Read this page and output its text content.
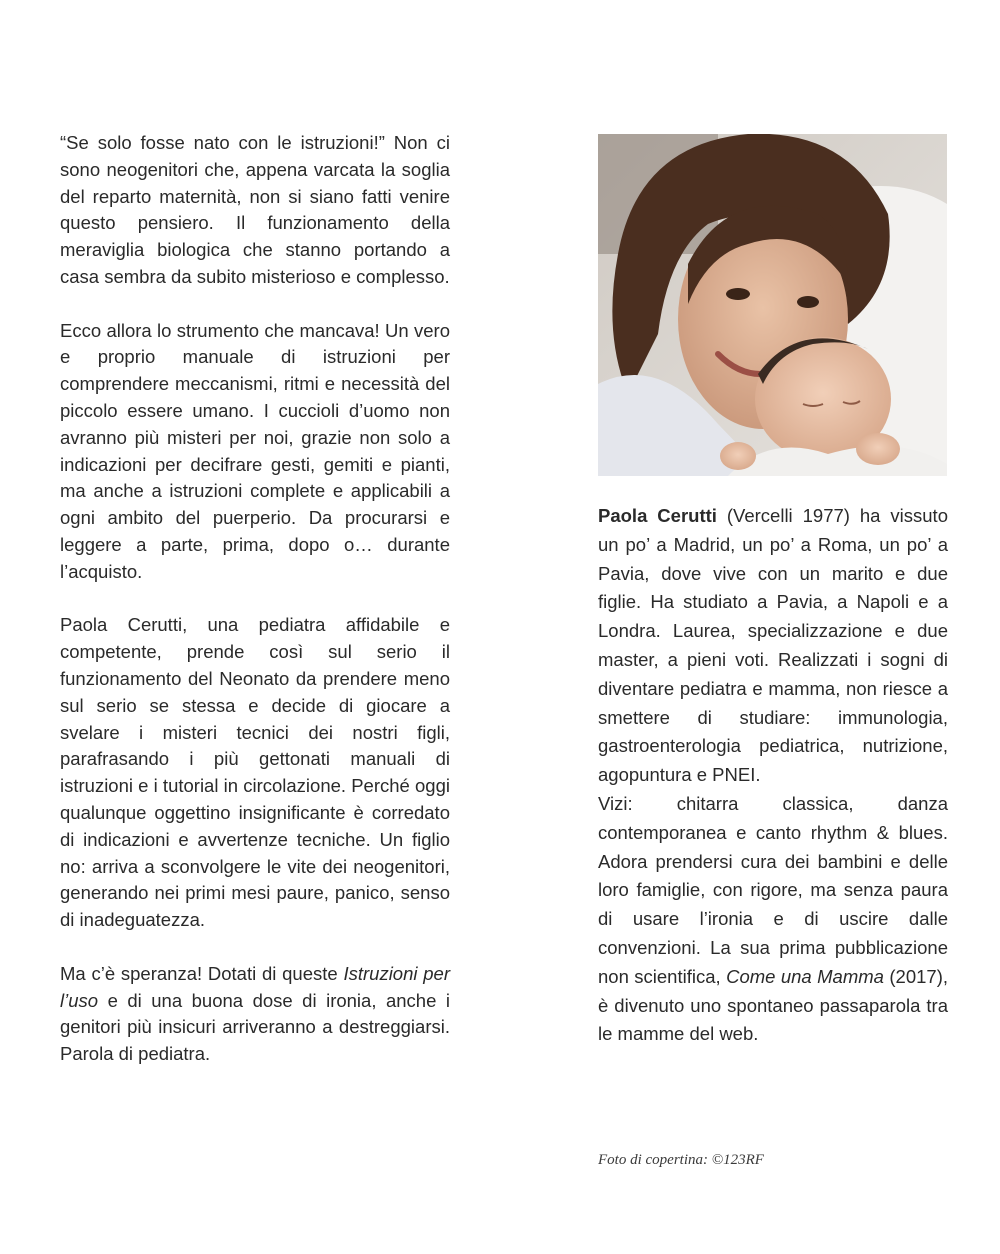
“Se solo fosse nato con le istruzioni!” Non ci sono neogenitori che, appena varcata la soglia del reparto maternità, non si siano fatti venire questo pensiero. Il funzionamento della meraviglia biologica che stanno portando a casa sembra da subito misterioso e complesso.

Ecco allora lo strumento che mancava! Un vero e proprio manuale di istruzioni per comprendere meccanismi, ritmi e necessità del piccolo essere umano. I cuccioli d’uomo non avranno più misteri per noi, grazie non solo a indicazioni per decifrare gesti, gemiti e pianti, ma anche a istruzioni complete e applicabili a ogni ambito del puerperio. Da procurarsi e leggere a parte, prima, dopo o… durante l’acquisto.

Paola Cerutti, una pediatra affidabile e competente, prende così sul serio il funzionamento del Neonato da prendere meno sul serio se stessa e decide di giocare a svelare i misteri tecnici dei nostri figli, parafrasando i più gettonati manuali di istruzioni e i tutorial in circolazione. Perché oggi qualunque oggettino insignificante è corredato di indicazioni e avvertenze tecniche. Un figlio no: arriva a sconvolgere le vite dei neogenitori, generando nei primi mesi paure, panico, senso di inadeguatezza.

Ma c’è speranza! Dotati di queste Istruzioni per l’uso e di una buona dose di ironia, anche i genitori più insicuri arriveranno a destreggiarsi. Parola di pediatra.

Paola Cerutti (Vercelli 1977) ha vissuto un po’ a Madrid, un po’ a Roma, un po’ a Pavia, dove vive con un marito e due figlie. Ha studiato a Pavia, a Napoli e a Londra. Laurea, specializzazione e due master, a pieni voti. Realizzati i sogni di diventare pediatra e mamma, non riesce a smettere di studiare: immunologia, gastroenterologia pediatrica, nutrizione, agopuntura e PNEI.

Vizi: chitarra classica, danza contemporanea e canto rhythm & blues. Adora prendersi cura dei bambini e delle loro famiglie, con rigore, ma senza paura di usare l’ironia e di uscire dalle convenzioni. La sua prima pubblicazione non scientifica, Come una Mamma (2017), è divenuto uno spontaneo passaparola tra le mamme del web.

Foto di copertina: ©123RF
